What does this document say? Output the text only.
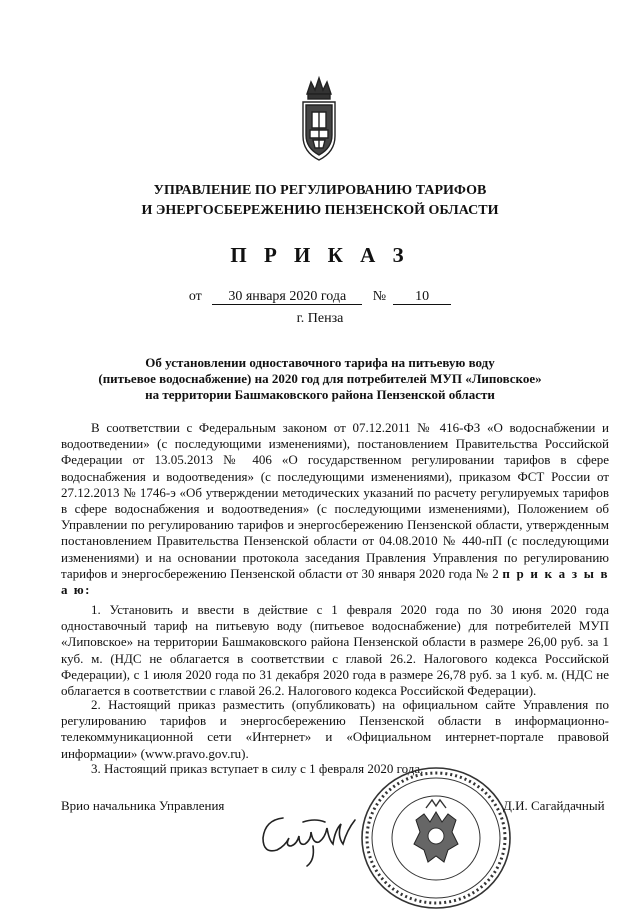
УПРАВЛЕНИЕ ПО РЕГУЛИРОВАНИЮ ТАРИФОВ
И ЭНЕРГОСБЕРЕЖЕНИЮ ПЕНЗЕНСКОЙ ОБЛАСТИ
П Р И К А З
от 30 января 2020 года № 10
г. Пенза
Об установлении одноставочного тарифа на питьевую воду
(питьевое водоснабжение) на 2020 год для потребителей МУП «Липовское»
на территории Башмаковского района Пензенской области
В соответствии с Федеральным законом от 07.12.2011 № 416-ФЗ «О водоснабжении и водоотведении» (с последующими изменениями), постановлением Правительства Российской Федерации от 13.05.2013 № 406 «О государственном регулировании тарифов в сфере водоснабжения и водоотведения» (с последующими изменениями), приказом ФСТ России от 27.12.2013 № 1746-э «Об утверждении методических указаний по расчету регулируемых тарифов в сфере водоснабжения и водоотведения» (с последующими изменениями), Положением об Управлении по регулированию тарифов и энергосбережению Пензенской области, утвержденным постановлением Правительства Пензенской области от 04.08.2010 № 440-пП (с последующими изменениями) и на основании протокола заседания Правления Управления по регулированию тарифов и энергосбережению Пензенской области от 30 января 2020 года № 2 п р и к а з ы в а ю:
1. Установить и ввести в действие с 1 февраля 2020 года по 30 июня 2020 года одноставочный тариф на питьевую воду (питьевое водоснабжение) для потребителей МУП «Липовское» на территории Башмаковского района Пензенской области в размере 26,00 руб. за 1 куб. м. (НДС не облагается в соответствии с главой 26.2. Налогового кодекса Российской Федерации), с 1 июля 2020 года по 31 декабря 2020 года в размере 26,78 руб. за 1 куб. м. (НДС не облагается в соответствии с главой 26.2. Налогового кодекса Российской Федерации).
2. Настоящий приказ разместить (опубликовать) на официальном сайте Управления по регулированию тарифов и энергосбережению Пензенской области в информационно-телекоммуникационной сети «Интернет» и «Официальном интернет-портале правовой информации» (www.pravo.gov.ru).
3. Настоящий приказ вступает в силу с 1 февраля 2020 года.
Врио начальника Управления	Д.И. Сагайдачный
